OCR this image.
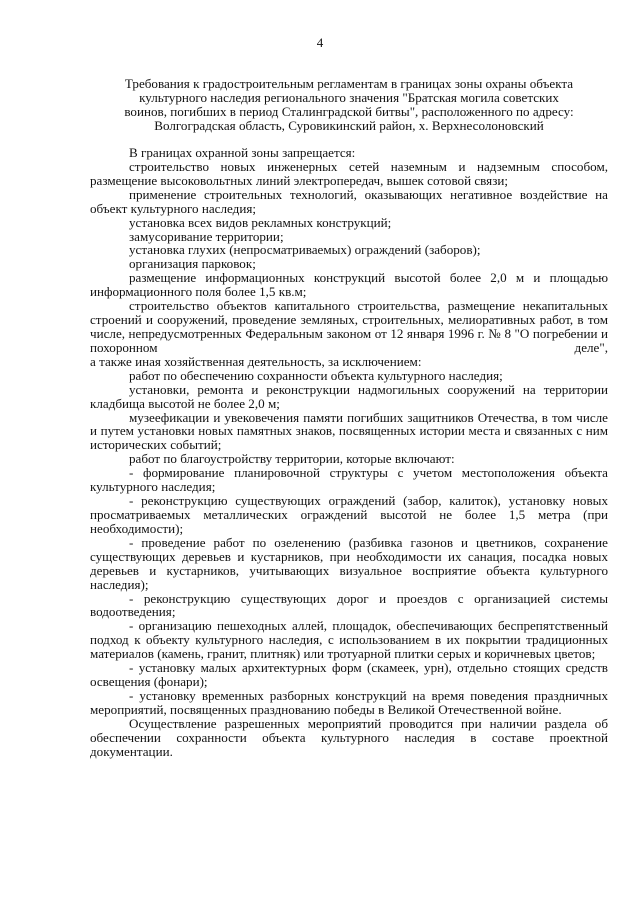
4
Требования к градостроительным регламентам в границах зоны охраны объекта
культурного наследия регионального значения "Братская могила советских
воинов, погибших в период Сталинградской битвы", расположенного по адресу:
Волгоградская область, Суровикинский район, х. Верхнесолоновский

В границах охранной зоны запрещается:

строительство новых инженерных сетей наземным и надземным способом, размещение высоковольтных линий электропередач, вышек сотовой связи;

применение строительных технологий, оказывающих негативное воздействие на объект культурного наследия;

установка всех видов рекламных конструкций;

замусоривание территории;

установка глухих (непросматриваемых) ограждений (заборов);

организация парковок;

размещение информационных конструкций высотой более 2,0 м и площадью информационного поля более 1,5 кв.м;

строительство объектов капитального строительства, размещение некапитальных строений и сооружений, проведение земляных, строительных, мелиоративных работ, в том числе, непредусмотренных Федеральным законом от 12 января 1996 г. № 8 "О погребении и похоронном деле",

а также иная хозяйственная деятельность, за исключением:

работ по обеспечению сохранности объекта культурного наследия;

установки, ремонта и реконструкции надмогильных сооружений на территории кладбища высотой не более 2,0 м;

музеефикации и увековечения памяти погибших защитников Отечества, в том числе и путем установки новых памятных знаков, посвященных истории места и связанных с ним исторических событий;

работ по благоустройству территории, которые включают:

- формирование планировочной структуры с учетом местоположения объекта культурного наследия;

- реконструкцию существующих ограждений (забор, калиток), установку новых просматриваемых металлических ограждений высотой не более 1,5 метра (при необходимости);

- проведение работ по озеленению (разбивка газонов и цветников, сохранение существующих деревьев и кустарников, при необходимости их санация, посадка новых деревьев и кустарников, учитывающих визуальное восприятие объекта культурного наследия);

- реконструкцию существующих дорог и проездов с организацией системы водоотведения;

- организацию пешеходных аллей, площадок, обеспечивающих беспрепятственный подход к объекту культурного наследия, с использованием в их покрытии традиционных материалов (камень, гранит, плитняк) или тротуарной плитки серых и коричневых цветов;

- установку малых архитектурных форм (скамеек, урн), отдельно стоящих средств освещения (фонари);

- установку временных разборных конструкций на время поведения праздничных мероприятий, посвященных празднованию победы в Великой Отечественной войне.

Осуществление разрешенных мероприятий проводится при наличии раздела об обеспечении сохранности объекта культурного наследия в составе проектной документации.
